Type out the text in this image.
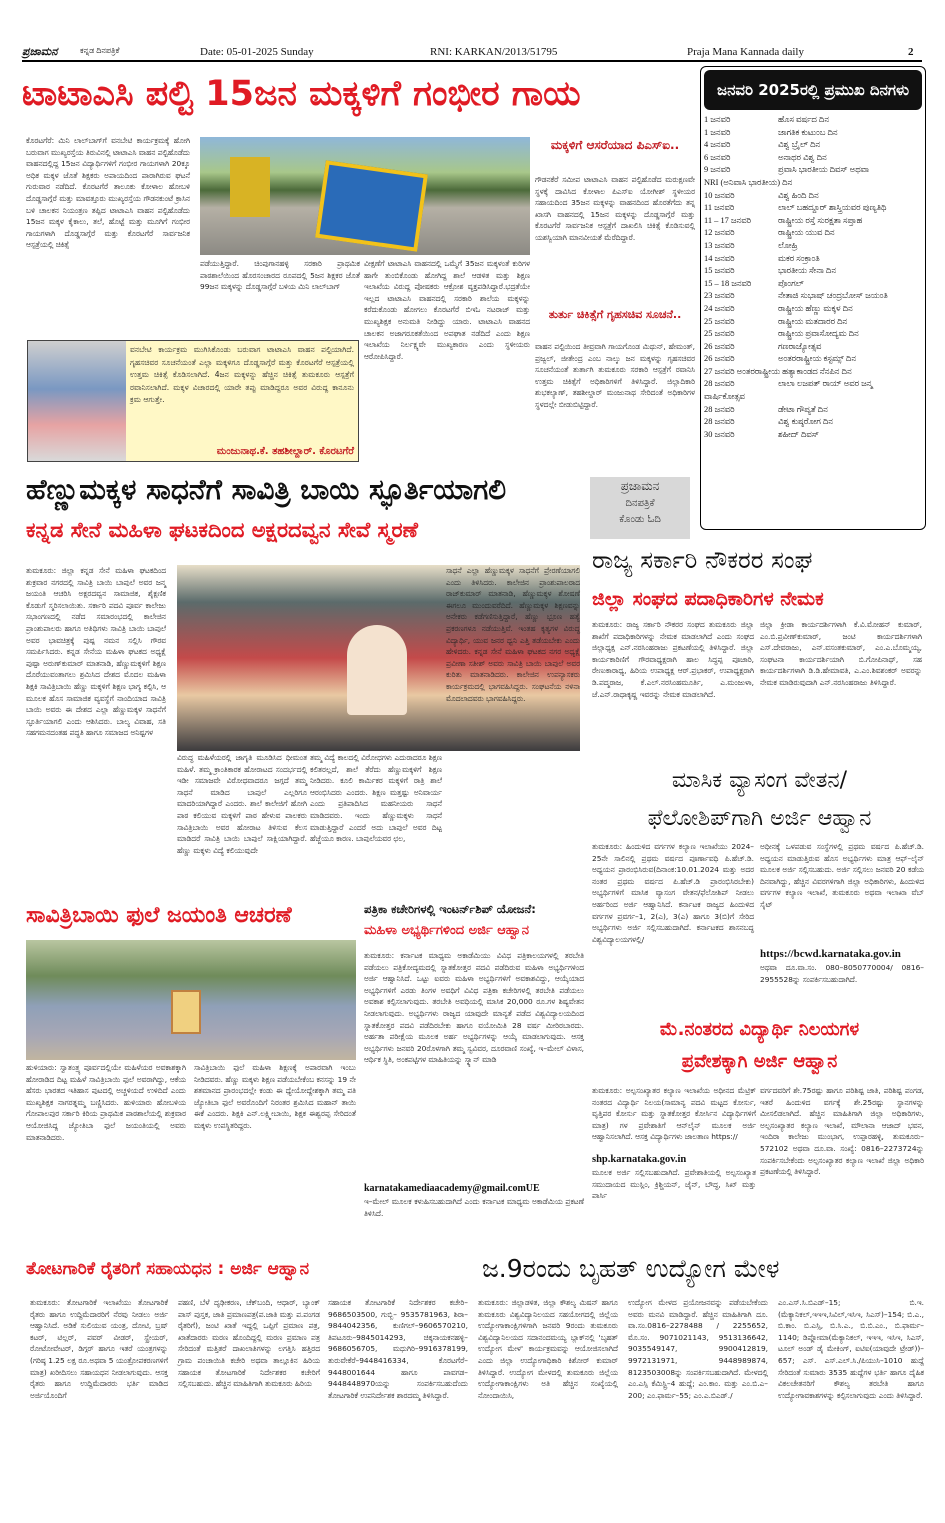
ಪ್ರಜಾಮನ	ಕನ್ನಡ ದಿನಪತ್ರಿಕೆ	Date: 05-01-2025 Sunday	RNI: KARKAN/2013/51795	Praja Mana Kannada daily	2
ಟಾಟಾಎಸಿ ಪಲ್ಟಿ 15ಜನ ಮಕ್ಕಳಿಗೆ ಗಂಭೀರ ಗಾಯ
ಕೊರಟಗೆರೆ: ಮಿನಿ ಲಾಲ್‌ಬಾಗ್‌ಗೆ ವನಬೇಟಿ ಕಾರ್ಯಕ್ರಮಕ್ಕೆ ಹೋಗಿ ಬರುವಾಗ ಮುಖ್ಯರಸ್ತೆಯ ತಿರುವಿನಲ್ಲಿ ಟಾಟಾಎಸಿ ವಾಹನ ಪಲ್ಟಿಹೊಡೆದು ವಾಹನದಲ್ಲಿದ್ದ 15ಜನ ವಿದ್ಯಾರ್ಥಿಗಳಿಗೆ ಗಂಭೀರ ಗಾಯಗಳಾಗಿ 20ಕ್ಕೂ ಅಧಿಕ ಮಕ್ಕಳ ಜೊತೆ ಶಿಕ್ಷಕರು ಅಪಾಯದಿಂದ ಪಾರಾಗಿರುವ ಘಟನೆ ಗುರುವಾರ ನಡೆದಿದೆ. ಕೊರಟಗೆರೆ ತಾಲೂಕು ಕೋಳಾಲ ಹೋಬಳಿ ದೊಡ್ಡಸಾಗ್ಗೆರೆ ಮತ್ತು ಮಾವತ್ತೂರು ಮುಖ್ಯರಸ್ತೆಯ ಗೌಡನಕುಂಟೆ ಕ್ರಾಸಿನ ಬಳಿ ಚಾಲಕನ ನಿಯಂತ್ರಣ ತಪ್ಪಿದ ಟಾಟಾಎಸಿ ವಾಹನ ಪಲ್ಟಿಹೊಡೆದು 15ಜನ ಮಕ್ಕಳ ಕೈಕಾಲು, ತಲೆ, ಹೊಟ್ಟೆ ಮತ್ತು ಮೂಗಿಗೆ ಗಂಭೀರ ಗಾಯಗಳಾಗಿ ದೊಡ್ಡಸಾಗ್ಗೆರೆ ಮತ್ತು ಕೊರಟಗೆರೆ ಸಾರ್ವಜನಿಕ ಆಸ್ಪತ್ರೆಯಲ್ಲಿ ಚಿಕಿತ್ಸೆ
ಪಡೆಯುತ್ತಿದ್ದಾರೆ. ಚಿಂಪುಗಾನಹಳ್ಳಿ ಸರಕಾರಿ ಪ್ರಾಥಮಿಕ ಪಾಠಶಾಲೆಯಿಂದ ಹೊರಸಂಚಾರದ ರೂಪದಲ್ಲಿ 5ಜನ ಶಿಕ್ಷಕರ ಜೊತೆ 99ಜನ ಮಕ್ಕಳನ್ನು ದೊಡ್ಡಸಾಗ್ಗೆರೆ ಬಳಿಯ ಮಿನಿ ಲಾಲ್‌ಬಾಗ್
ವೀಕ್ಷಣೆಗೆ ಟಾಟಾಎಸಿ ವಾಹನದಲ್ಲಿ ಒಮ್ಮೆಗೆ 35ಜನ ಮಕ್ಕಳಂತೆ ಕುರಿಗಳ ಹಾಗೇ ತುಂಬಿಕೊಂಡು ಹೋಗಿದ್ದ ಶಾಲೆ ಆಡಳಿತ ಮತ್ತು ಶಿಕ್ಷಣ ಇಲಾಖೆಯ ವಿರುದ್ದ ಪೋಷಕರು ಆಕ್ರೋಶ ವ್ಯಕ್ತಪಡಿಸಿದ್ದಾರೆ.ಭದ್ರತೆಯೇ ಇಲ್ಲದ ಟಾಟಾಎಸಿ ವಾಹನದಲ್ಲಿ ಸರಕಾರಿ ಶಾಲೆಯ ಮಕ್ಕಳನ್ನು ಕರೆದುಕೊಂಡು ಹೋಗಲು ಕೊರಟಗೆರೆ ಬಿಇಓ ನಟರಾಜ್ ಮತ್ತು ಮುಖ್ಯಶಿಕ್ಷಕ ಅನುಮತಿ ನೀಡಿದ್ದು ಯಾರು. ಟಾಟಾಎಸಿ ವಾಹನದ ಚಾಲಕನ ಅಜಾಗರೂಕತೆಯಿಂದ ಅಪಘಾತ ನಡೆದಿದೆ ಎಂದು ಶಿಕ್ಷಣ ಇಲಾಖೆಯ ನಿರ್ಲಕ್ಷ್ಯವೇ ಮುಖ್ಯಕಾರಣ ಎಂದು ಸ್ಥಳೀಯರು ಆರೋಪಿಸಿದ್ದಾರೆ.
ಮಕ್ಕಳಿಗೆ ಆಸರೆಯಾದ ಪಿಎಸ್ಐ..
ಗೌಡನಕೆರೆ ಸಮೀಪ ಟಾಟಾಎಸಿ ವಾಹನ ಪಲ್ಟಿಹೊಡೆದ ಮರುಕ್ಷಣವೇ ಸ್ಥಳಕ್ಕೆ ದಾವಿಸಿದ ಕೋಳಾಲ ಪಿಎಸ್ಐ ಯೋಗೀಶ್ ಸ್ಥಳೀಯರ ಸಹಾಯದಿಂದ 35ಜನ ಮಕ್ಕಳನ್ನು ವಾಹನದಿಂದ ಹೊರತೆಗೆದು ತನ್ನ ಖಾಸಗಿ ವಾಹನದಲ್ಲಿ 15ಜನ ಮಕ್ಕಳನ್ನು ದೊಡ್ಡಸಾಗ್ಗೆರೆ ಮತ್ತು ಕೊರಟಗೆರೆ ಸಾರ್ವಜನಿಕ ಆಸ್ಪತ್ರೆಗೆ ದಾಖಲಿಸಿ ಚಿಕಿತ್ಸೆ ಕೊಡಿಸುವಲ್ಲಿ ಯಶಸ್ವಿಯಾಗಿ ಮಾನವೀಯತೆ ಮೆರೆದಿದ್ದಾರೆ.
ತುರ್ತು ಚಿಕಿತ್ಸೆಗೆ ಗೃಹಸಚಿವ ಸೂಚನೆ..
ವಾಹನ ಪಲ್ಟಿಯಿಂದ ತೀವ್ರವಾಗಿ ಗಾಯಗೊಂಡ ಮಿಥುನ್, ಹೇಮಂತ್, ಪ್ರಜ್ವಲ್, ಜೀತೇಂದ್ರ ಎಂಬ ನಾಲ್ಕು ಜನ ಮಕ್ಕಳನ್ನು ಗೃಹಸಚಿವರ ಸೂಚನೆಯಂತೆ ತುರ್ತಾಗಿ ತುಮಕೂರು ಸರಕಾರಿ ಆಸ್ಪತ್ರೆಗೆ ರವಾನಿಸಿ ಉತ್ತಮ ಚಿಕಿತ್ಸೆಗೆ ಅಧಿಕಾರಿಗಳಿಗೆ ತಿಳಿಸಿದ್ದಾರೆ. ಜಿಲ್ಲಾದಿಕಾರಿ ಶುಭಕಲ್ಯಾಣ್, ತಹಶೀಲ್ದಾರ್ ಮಂಜುನಾಥ ಸೇರಿದಂತೆ ಅಧಿಕಾರಿಗಳ ಸ್ಥಳದಲ್ಲೇ ಬೀಡುಬಿಟ್ಟಿದ್ದಾರೆ.
ವನಬೇಟಿ ಕಾರ್ಯಕ್ರಮ ಮುಗಿಸಿಕೊಂಡು ಬರುವಾಗ ಟಾಟಾಎಸಿ ವಾಹನ ಪಲ್ಟಿಯಾಗಿದೆ. ಗೃಹಸಚಿವರ ಸೂಚನೆಯಂತೆ ಎಲ್ಲಾ ಮಕ್ಕಳಿಗೂ ದೊಡ್ಡಸಾಗ್ಗೆರೆ ಮತ್ತು ಕೊರಟಗೆರೆ ಆಸ್ಪತ್ರೆಯಲ್ಲಿ ಉತ್ತಮ ಚಿಕಿತ್ಸೆ ಕೊಡಿಸಲಾಗಿದೆ. 4ಜನ ಮಕ್ಕಳನ್ನು ಹೆಚ್ಚಿನ ಚಿಕಿತ್ಸೆ ತುಮಕೂರು ಆಸ್ಪತ್ರೆಗೆ ರವಾನಿಸಲಾಗಿದೆ. ಮಕ್ಕಳ ವಿಚಾರದಲ್ಲಿ ಯಾರೇ ತಪ್ಪು ಮಾಡಿದ್ದರೂ ಅವರ ವಿರುದ್ದ ಕಾನೂನು ಕ್ರಮ ಆಗುತ್ತೇ.
ಮಂಜುನಾಥ.ಕೆ. ತಹಶೀಲ್ದಾರ್. ಕೊರಟಗೆರೆ
ಜನವರಿ 2025ರಲ್ಲಿ ಪ್ರಮುಖ ದಿನಗಳು
1 ಜನವರಿ	ಹೊಸ ವರ್ಷದ ದಿನ
1 ಜನವರಿ	ಜಾಗತಿಕ ಕುಟುಂಬ ದಿನ
4 ಜನವರಿ	ವಿಶ್ವ ಬ್ರೈಲ್ ದಿನ
6 ಜನವರಿ	ಅನಾಥರ ವಿಶ್ವ ದಿನ
9 ಜನವರಿ	ಪ್ರವಾಸಿ ಭಾರತೀಯ ದಿವಸ್ ಅಥವಾ
NRI (ಅನಿವಾಸಿ ಭಾರತೀಯ) ದಿನ
10 ಜನವರಿ	ವಿಶ್ವ ಹಿಂದಿ ದಿನ
11 ಜನವರಿ	ಲಾಲ್ ಬಹದ್ದೂರ್ ಶಾಸ್ತ್ರಿಯವರ ಪುಣ್ಯತಿಥಿ
11 – 17 ಜನವರಿ	ರಾಷ್ಟ್ರೀಯ ರಸ್ತೆ ಸುರಕ್ಷತಾ ಸಪ್ತಾಹ
12 ಜನವರಿ	ರಾಷ್ಟ್ರೀಯ ಯುವ ದಿನ
13 ಜನವರಿ	ಲೋಹ್ರಿ
14 ಜನವರಿ	ಮಕರ ಸಂಕ್ರಾಂತಿ
15 ಜನವರಿ	ಭಾರತೀಯ ಸೇನಾ ದಿನ
15 – 18 ಜನವರಿ	ಪೊಂಗಲ್
23 ಜನವರಿ	ನೇತಾಜಿ ಸುಭಾಷ್ ಚಂದ್ರಬೋಸ್ ಜಯಂತಿ
24 ಜನವರಿ	ರಾಷ್ಟ್ರೀಯ ಹೆಣ್ಣು ಮಕ್ಕಳ ದಿನ
25 ಜನವರಿ	ರಾಷ್ಟ್ರೀಯ ಮತದಾರರ ದಿನ
25 ಜನವರಿ	ರಾಷ್ಟ್ರೀಯ ಪ್ರವಾಸೋದ್ಯಮ ದಿನ
26 ಜನವರಿ	ಗಣರಾಜ್ಯೋತ್ಸವ
26 ಜನವರಿ	ಅಂತರರಾಷ್ಟ್ರೀಯ ಕಸ್ಟಮ್ಸ್ ದಿನ
27 ಜನವರಿ ಅಂತರರಾಷ್ಟ್ರೀಯ ಹತ್ಯಾಕಾಂಡದ ನೆನಪಿನ ದಿನ
28 ಜನವರಿ	ಲಾಲಾ ಲಜಪತ್ ರಾಯ್ ಅವರ ಜನ್ಮ
ವಾರ್ಷಿಕೋತ್ಸವ
28 ಜನವರಿ	ಡೇಟಾ ಗೌಪ್ಯತೆ ದಿನ
28 ಜನವರಿ	ವಿಶ್ವ ಕುಷ್ಠರೋಗ ದಿನ
30 ಜನವರಿ	ಶಹೀದ್ ದಿವಸ್
ಪ್ರಜಾಮನ
ದಿನಪತ್ರಿಕೆ
ಕೊಂಡು ಓದಿ
ಹೆಣ್ಣುಮಕ್ಕಳ ಸಾಧನೆಗೆ ಸಾವಿತ್ರಿ ಬಾಯಿ ಸ್ಫೂರ್ತಿಯಾಗಲಿ
ಕನ್ನಡ ಸೇನೆ ಮಹಿಳಾ ಘಟಕದಿಂದ ಅಕ್ಷರದವ್ವನ ಸೇವೆ ಸ್ಮರಣೆ
ತುಮಕೂರು: ಜಿಲ್ಲಾ ಕನ್ನಡ ಸೇನೆ ಮಹಿಳಾ ಘಟಕದಿಂದ ಶುಕ್ರವಾರ ನಗರದಲ್ಲಿ ಸಾವಿತ್ರಿ ಬಾಯಿ ಬಾಪುಲೆ ಅವರ ಜನ್ಮ ಜಯಂತಿ ಆಚರಿಸಿ ಅಕ್ಷರದವ್ವನ ಸಾಮಾಜಿಕ, ಶೈಕ್ಷಣಿಕ ಕೊಡುಗೆ ಸ್ಮರಿಸಲಾಯಿತು. ಸರ್ಕಾರಿ ಪದವಿ ಪೂರ್ವ ಕಾಲೇಜು ಸಭಾಂಗಣದಲ್ಲಿ ನಡೆದ ಸಮಾರಂಭದಲ್ಲಿ ಕಾಲೇಜಿನ ಪ್ರಾಂಶುಪಾಲರು ಹಾಗೂ ಅತಿಥಿಗಳು ಸಾವಿತ್ರಿ ಬಾಯಿ ಬಾಪುಲೆ ಅವರ ಭಾವಚಿತ್ರಕ್ಕೆ ಪುಷ್ಪ ನಮನ ಸಲ್ಲಿಸಿ ಗೌರವ ಸಮರ್ಪಿಸಿದರು. ಕನ್ನಡ ಸೇನೆಯ ಮಹಿಳಾ ಘಟಕದ ಅಧ್ಯಕ್ಷೆ ಪುಷ್ಪಾ ಅರುಣ್‌ಕುಮಾರ್ ಮಾತನಾಡಿ, ಹೆಣ್ಣುಮಕ್ಕಳಿಗೆ ಶಿಕ್ಷಣ ದೊರೆಯುವಂತಾಗಲು ಶ್ರಮಿಸಿದ ದೇಶದ ಮೊದಲ ಮಹಿಳಾ ಶಿಕ್ಷಕಿ ಸಾವಿತ್ರಿಬಾಯಿ ಹೆಣ್ಣು ಮಕ್ಕಳಿಗೆ ಶಿಕ್ಷಣ ಭಾಗ್ಯ ಕಲ್ಪಿಸಿ, ಆ ಮೂಲಕ ಹೊಸ ಸಾಮಾಜಿಕ ವ್ಯವಸ್ಥೆಗೆ ನಾಂದಿಯಾದ ಸಾವಿತ್ರಿ ಬಾಯಿ ಅವರು ಈ ದೇಶದ ಎಲ್ಲಾ ಹೆಣ್ಣುಮಕ್ಕಳ ಸಾಧನೆಗೆ ಸ್ಫೂರ್ತಿಯಾಗಲಿ ಎಂದು ಆಶಿಸಿದರು. ಬಾಲ್ಯ ವಿವಾಹ, ಸತಿ ಸಹಗಮನದಂತಹ ಪದ್ಧತಿ ಹಾಗೂ ಸಮಾಜದ ಅನಿಷ್ಟಗಳ
ವಿರುದ್ಧ ಮಹಿಳೆಯರಲ್ಲಿ ಜಾಗೃತಿ ಮೂಡಿಸಿದ ಧೀಮಂತ ಮಹಿಳೆ. ತಮ್ಮ ಕ್ರಾಂತಿಕಾರಕ ಹೋರಾಟದ ಸಂದರ್ಭದಲ್ಲಿ ಇಡೀ ಸಮಾಜವೇ ವಿರೋಧವಾದರೂ ಜಗ್ಗದೆ ತಮ್ಮ ಸಾಧನೆ ಮಾಡಿದ ಬಾಪುಲೆ ಎಲ್ಲರಿಗೂ ಮಾದರಿಯಾಗಿದ್ದಾರೆ ಎಂದರು. ಶಾಲೆ ಕಾಲೇಜಿಗೆ ಹೋಗಿ ಪಾಠ ಕಲಿಯುವ ಮಕ್ಕಳಿಗೆ ಪಾಠ ಹೇಳುವ ಪಾಲಕರು ಸಾವಿತ್ರಿಬಾಯಿ ಅವರ ಹೋರಾಟ ತಿಳಿಸುವ ಕೆಲಸ ಮಾಡಿದರೆ ಸಾವಿತ್ರಿ ಬಾಯಿ ಬಾಪುಲೆ ಸಾಕ್ಷಿಯಾಗಿದ್ದಾರೆ. ಹೆಣ್ಣು ಮಕ್ಕಳು ವಿದ್ಯೆ ಕಲಿಯುವುದೇ
ತಮ್ಮ ವಿದ್ಯೆ ಕಾಲದಲ್ಲಿ ವಿರೋಧಗಳು ಎದುರಾದರೂ ಶಿಕ್ಷಣ ಕಲಿತರಲ್ಲದೆ, ಶಾಲೆ ತೆರೆದು ಹೆಣ್ಣುಮಕ್ಕಳಿಗೆ ಶಿಕ್ಷಣ ನೀಡಿದರು. ಕೂಲಿ ಕಾರ್ಮಿಕರ ಮಕ್ಕಳಿಗೆ ರಾತ್ರಿ ಶಾಲೆ ಆರಂಭಿಸಿದರು ಎಂದರು. ಶಿಕ್ಷಣ ಮತ್ತಷ್ಟು ಅನಿವಾರ್ಯ ಎಂದು ಪ್ರತಿಪಾದಿಸಿದ ಮಹನೀಯರು ಸಾಧನೆ ಮಾಡಿದವರು. ಇಂದು ಹೆಣ್ಣುಮಕ್ಕಳು ಸಾಧನೆ ಮಾಡುತ್ತಿದ್ದಾರೆ ಎಂದರೆ ಅದು ಬಾಪುಲೆ ಅವರ ದಿಟ್ಟ ಹೆಜ್ಜೆಯೂ ಕಾರಣ. ಬಾಪುಲೆಯವರ ಛಲ,
ಸಾಧನೆ ಎಲ್ಲಾ ಹೆಣ್ಣುಮಕ್ಕಳ ಸಾಧನೆಗೆ ಪ್ರೇರಣೆಯಾಗಲಿ ಎಂದು ತಿಳಿಸಿದರು. ಕಾಲೇಜಿನ ಪ್ರಾಂಶುಪಾಲರಾದ ರಾಜ್‌ಕುಮಾರ್ ಮಾತನಾಡಿ, ಹೆಣ್ಣುಮಕ್ಕಳ ಶೋಷಣೆ ಈಗಲೂ ಮುಂದುವರೆದಿದೆ. ಹೆಣ್ಣುಮಕ್ಕಳ ಶಿಕ್ಷಣವನ್ನು ಅನೇಕರು ಕಡೆಗಣಿಸುತ್ತಿದ್ದಾರೆ, ಹೆಣ್ಣು ಭ್ರೂಣ ಹತ್ಯೆ ಪ್ರಕರಣಗಳೂ ನಡೆಯುತ್ತಿವೆ. ಇಂತಹ ಕೃತ್ಯಗಳ ವಿರುದ್ಧ ವಿದ್ಯಾರ್ಥಿ, ಯುವ ಜನರ ಧ್ವನಿ ಎತ್ತಿ ತಡೆಯಬೇಕು ಎಂದು ಹೇಳಿದರು. ಕನ್ನಡ ಸೇನೆ ಮಹಿಳಾ ಘಟಕದ ನಗರ ಅಧ್ಯಕ್ಷೆ ಪ್ರವೀಣಾ ಸತೀಶ್ ಅವರು ಸಾವಿತ್ರಿ ಬಾಯಿ ಬಾಪುಲೆ ಅವರ ಕುರಿತು ಮಾತನಾಡಿದರು. ಕಾಲೇಜಿನ ಉಪನ್ಯಾಸಕರು ಕಾರ್ಯಕ್ರಮದಲ್ಲಿ ಭಾಗವಹಿಸಿದ್ದರು. ಸಂಘಟನೆಯ ನಳಿನಾ ಮೊದಲಾದವರು ಭಾಗವಹಿಸಿದ್ದರು.
ರಾಜ್ಯ ಸರ್ಕಾರಿ ನೌಕರರ ಸಂಘ
ಜಿಲ್ಲಾ ಸಂಘದ ಪದಾಧಿಕಾರಿಗಳ ನೇಮಕ
ತುಮಕೂರು: ರಾಜ್ಯ ಸರ್ಕಾರಿ ನೌಕರರ ಸಂಘದ ತುಮಕೂರು ಜಿಲ್ಲಾ ಶಾಖೆಗೆ ಪದಾಧಿಕಾರಿಗಳನ್ನು ನೇಮಕ ಮಾಡಲಾಗಿದೆ ಎಂದು ಸಂಘದ ಜಿಲ್ಲಾಧ್ಯಕ್ಷ ಎನ್.ನರಸಿಂಹರಾಜು ಪ್ರಕಟಣೆಯಲ್ಲಿ ತಿಳಿಸಿದ್ದಾರೆ. ಜಿಲ್ಲಾ ಕಾರ್ಯಕಾರಿಣಿಗೆ ಗೌರವಾಧ್ಯಕ್ಷರಾಗಿ ಹಾಲ ಸಿದ್ಧಪ್ಪ ಪೂಜಾರಿ, ರೇಣುಕಾರಾಧ್ಯ, ಹಿರಿಯ ಉಪಾಧ್ಯಕ್ಷ ಆರ್.ಪ್ರಭಾಕರ್, ಉಪಾಧ್ಯಕ್ಷರಾಗಿ ಡಿ.ಪದ್ಮರಾಜ, ಕೆ.ಎಲ್.ನರಸಿಂಹಮೂರ್ತಿ, ಎ.ಮಂಜುಳಾ, ಜೆ.ಎನ್.ರಾಧಾಕೃಷ್ಣ ಇವರನ್ನು ನೇಮಕ ಮಾಡಲಾಗಿದೆ.
ಜಿಲ್ಲಾ ಕ್ರೀಡಾ ಕಾರ್ಯದರ್ಶಿಗಳಾಗಿ ಕೆ.ವಿ.ಮೋಹನ್ ಕುಮಾರ್, ಎಂ.ಬಿ.ಪ್ರವೀಣ್‌ಕುಮಾರ್, ಜಂಟಿ ಕಾರ್ಯದರ್ಶಿಗಳಾಗಿ ಎಸ್.ದೇವರಾಜು, ಎನ್.ವಸಂತಕುಮಾರ್, ಎಂ.ಎ.ಬೊಮ್ಮಯ್ಯ, ಸಂಘಟನಾ ಕಾರ್ಯದರ್ಶಿಯಾಗಿ ಬಿ.ಗೋಪಿನಾಥ್, ಸಹ ಕಾರ್ಯದರ್ಶಿಗಳಾಗಿ ಡಿ.ಡಿ.ಹೇಮಾವತಿ, ಎ.ಎಂ.ಶಿವಶಂಕರ್ ಅವರನ್ನು ನೇಮಕ ಮಾಡಿರುವುದಾಗಿ ಎನ್.ನರಸಿಂಹರಾಜು ತಿಳಿಸಿದ್ದಾರೆ.
ಮಾಸಿಕ ವ್ಯಾಸಂಗ ವೇತನ/
ಫೆಲೋಶಿಪ್‌ಗಾಗಿ ಅರ್ಜಿ ಆಹ್ವಾನ
ತುಮಕೂರು: ಹಿಂದುಳಿದ ವರ್ಗಗಳ ಕಲ್ಯಾಣ ಇಲಾಖೆಯು 2024–25ನೇ ಸಾಲಿನಲ್ಲಿ ಪ್ರಥಮ ವರ್ಷದ ಪೂರ್ಣಾವಧಿ ಪಿ.ಹೆಚ್.ಡಿ. ಅಧ್ಯಯನ ಪ್ರಾರಂಭಿಸಿರುವ(ದಿನಾಂಕ:10.01.2024 ಮತ್ತು ಅದರ ನಂತರ ಪ್ರಥಮ ವರ್ಷದ ಪಿ.ಹೆಚ್.ಡಿ ಪ್ರಾರಂಭಿಸಿರಬೇಕು) ಅಭ್ಯರ್ಥಿಗಳಿಗೆ ಮಾಸಿಕ ವ್ಯಾಸಂಗ ವೇತನ/ಫೆಲೋಶಿಪ್ ನೀಡಲು ಅರ್ಹರಿಂದ ಅರ್ಜಿ ಆಹ್ವಾನಿಸಿದೆ. ಕರ್ನಾಟಕ ರಾಜ್ಯದ ಹಿಂದುಳಿದ ವರ್ಗಗಳ ಪ್ರವರ್ಗ–1, 2(ಎ), 3(ಎ) ಹಾಗೂ 3(ಬಿ)ಗೆ ಸೇರಿದ ಅಭ್ಯರ್ಥಿಗಳು ಅರ್ಜಿ ಸಲ್ಲಿಸಬಹುದಾಗಿದೆ. ಕರ್ನಾಟಕದ ಶಾಸನಬದ್ಧ ವಿಶ್ವವಿದ್ಯಾಲಯಗಳಲ್ಲಿ/
ಅಧೀನಕ್ಕೆ ಒಳಪಡುವ ಸಂಸ್ಥೆಗಳಲ್ಲಿ ಪ್ರಥಮ ವರ್ಷದ ಪಿ.ಹೆಚ್.ಡಿ. ಅಧ್ಯಯನ ಮಾಡುತ್ತಿರುವ ಹೊಸ ಅಭ್ಯರ್ಥಿಗಳು ಮಾತ್ರ ಆಫ್–ಲೈನ್ ಮೂಲಕ ಅರ್ಜಿ ಸಲ್ಲಿಸಬಹುದು. ಅರ್ಜಿ ಸಲ್ಲಿಸಲು ಜನವರಿ 20 ಕಡೆಯ ದಿನವಾಗಿದ್ದು, ಹೆಚ್ಚಿನ ವಿವರಗಳಿಗಾಗಿ ಜಿಲ್ಲಾ ಅಧಿಕಾರಿಗಳು, ಹಿಂದುಳಿದ ವರ್ಗಗಳ ಕಲ್ಯಾಣ ಇಲಾಖೆ, ತುಮಕೂರು ಅಥವಾ ಇಲಾಖಾ ವೆಬ್ ಸೈಟ್
https://bcwd.karnataka.gov.in
ಅಥವಾ ದೂ.ವಾ.ಸಂ. 080–8050770004/ 0816–2955528ನ್ನು ಸಂಪರ್ಕಿಸಬಹುದಾಗಿದೆ.
ಮೆ.ನಂತರದ ವಿದ್ಯಾರ್ಥಿ ನಿಲಯಗಳ
ಪ್ರವೇಶಕ್ಕಾಗಿ ಅರ್ಜಿ ಆಹ್ವಾನ
ತುಮಕೂರು: ಅಲ್ಪಸಂಖ್ಯಾತರ ಕಲ್ಯಾಣ ಇಲಾಖೆಯ ಅಧೀನದ ಮೆಟ್ರಿಕ್ ನಂತರದ ವಿದ್ಯಾರ್ಥಿ ನಿಲಯ(ಸಾಮಾನ್ಯ ಪದವಿ ಮಟ್ಟದ ಕೋರ್ಸು, ವೃತ್ತಿಪರ ಕೋರ್ಸು ಮತ್ತು ಸ್ನಾತಕೋತ್ತರ ಕೋರ್ಸಿನ ವಿದ್ಯಾರ್ಥಿಗಳಿಗೆ ಮಾತ್ರ) ಗಳ ಪ್ರವೇಶಾತಿಗೆ ಆನ್‌ಲೈನ್ ಮೂಲಕ ಅರ್ಜಿ ಆಹ್ವಾನಿಸಲಾಗಿದೆ. ಆಸಕ್ತ ವಿದ್ಯಾರ್ಥಿಗಳು ಜಾಲತಾಣ https://
shp.karnataka.gov.in
ಮೂಲಕ ಅರ್ಜಿ ಸಲ್ಲಿಸಬಹುದಾಗಿದೆ. ಪ್ರವೇಶಾತಿಯಲ್ಲಿ ಅಲ್ಪಸಂಖ್ಯಾತ ಸಮುದಾಯದ ಮುಸ್ಲಿಂ, ಕ್ರಿಶ್ಚಿಯನ್, ಜೈನ್, ಬೌದ್ಧ, ಸಿಖ್ ಮತ್ತು ಪಾರ್ಸಿ
ವರ್ಗದವರಿಗೆ ಶೇ.75ರಷ್ಟು ಹಾಗೂ ಪರಿಶಿಷ್ಟ ಜಾತಿ, ಪರಿಶಿಷ್ಟ ಪಂಗಡ, ಇತರೆ ಹಿಂದುಳಿದ ವರ್ಗಕ್ಕೆ ಶೇ.25ರಷ್ಟು ಸ್ಥಾನಗಳನ್ನು ಮೀಸಲಿಡಲಾಗಿದೆ. ಹೆಚ್ಚಿನ ಮಾಹಿತಿಗಾಗಿ ಜಿಲ್ಲಾ ಅಧಿಕಾರಿಗಳು, ಅಲ್ಪಸಂಖ್ಯಾತರ ಕಲ್ಯಾಣ ಇಲಾಖೆ, ಮೌಲಾನಾ ಆಜಾದ್ ಭವನ, ಇಂದಿರಾ ಕಾಲೇಜು ಮುಂಭಾಗ, ಉಪ್ಪಾರಹಳ್ಳಿ, ತುಮಕೂರು–572102 ಅಥವಾ ದೂ.ವಾ. ಸಂಖ್ಯೆ: 0816–2273724ನ್ನು ಸಂಪರ್ಕಿಸಬೇಕೆಂದು ಅಲ್ಪಸಂಖ್ಯಾತರ ಕಲ್ಯಾಣ ಇಲಾಖೆ ಜಿಲ್ಲಾ ಅಧಿಕಾರಿ ಪ್ರಕಟಣೆಯಲ್ಲಿ ತಿಳಿಸಿದ್ದಾರೆ.
ಸಾವಿತ್ರಿಬಾಯಿ ಫುಲೆ ಜಯಂತಿ ಆಚರಣೆ
ಹುಳಿಯಾರು: ಸ್ವಾತಂತ್ರ್ಯ ಪೂರ್ವದಲ್ಲಿಯೇ ಮಹಿಳೆಯರ ಅವಕಾಶಕ್ಕಾಗಿ ಹೋರಾಡಿದ ದಿಟ್ಟ ಮಹಿಳೆ ಸಾವಿತ್ರಿಬಾಯಿ ಫುಲೆ ಅವರಾಗಿದ್ದು, ಆಕೆಯ ಹೆಸರು ಭಾರತದ ಇತಿಹಾಸ ಪುಟದಲ್ಲಿ ಅಚ್ಚಳಿಯದೆ ಉಳಿದಿದೆ ಎಂದು ಮುಖ್ಯಶಿಕ್ಷಕ ನಾಗರತ್ನಮ್ಮ ಬಣ್ಣಿಸಿದರು. ಹುಳಿಯಾರು ಹೋಬಳಿಯ ಗೋಪಾಲಪುರ ಸರ್ಕಾರಿ ಕಿರಿಯ ಪ್ರಾಥಮಿಕ ಪಾಠಶಾಲೆಯಲ್ಲಿ ಶುಕ್ರವಾರ ಆಯೋಜಿಸಿದ್ದ ಜ್ಯೋತಿಬಾ ಫುಲೆ ಜಯಂತಿಯಲ್ಲಿ ಅವರು ಮಾತನಾಡಿದರು.
ಸಾವಿತ್ರಿಬಾಯಿ ಫುಲೆ ಮಹಿಳಾ ಶಿಕ್ಷಣಕ್ಕೆ ಅಪಾರವಾಗಿ ಇಂಬು ನೀಡಿದವರು. ಹೆಣ್ಣು ಮಕ್ಕಳು ಶಿಕ್ಷಣ ಪಡೆಯಬೇಕೆಂಬ ಕನಸನ್ನು 19 ನೇ ಶತಮಾನದ ಪ್ರಾರಂಭದಲ್ಲೇ ಕಂಡು ಈ ಧ್ಯೇಯೋದ್ದೇಶಕ್ಕಾಗಿ ತಮ್ಮ ಪತಿ ಜ್ಯೋತಿಬಾ ಫುಲೆ ಅವರೊಂದಿಗೆ ನಿರಂತರ ಶ್ರಮಿಸಿದ ಮಹಾನ್ ತಾಯಿ ಈಕೆ ಎಂದರು. ಶಿಕ್ಷಕಿ ಎನ್.ಲಕ್ಷ್ಮೀಬಾಯಿ, ಶಿಕ್ಷಕ ಈಶ್ವರಪ್ಪ ಸೇರಿದಂತೆ ಮಕ್ಕಳು ಉಪಸ್ಥಿತರಿದ್ದರು.
ಪತ್ರಿಕಾ ಕಚೇರಿಗಳಲ್ಲಿ ಇಂಟರ್ನ್‌ಶಿಪ್ ಯೋಜನೆ:
ಮಹಿಳಾ ಅಭ್ಯರ್ಥಿಗಳಿಂದ ಅರ್ಜಿ ಆಹ್ವಾನ
ತುಮಕೂರು: ಕರ್ನಾಟಕ ಮಾಧ್ಯಮ ಅಕಾಡೆಮಿಯು ವಿವಿಧ ಪತ್ರಿಕಾಲಯಗಳಲ್ಲಿ ತರಬೇತಿ ಪಡೆಯಲು ಪತ್ರಿಕೋದ್ಯಮದಲ್ಲಿ ಸ್ನಾತಕೋತ್ತರ ಪದವಿ ಪಡೆದಿರುವ ಮಹಿಳಾ ಅಭ್ಯರ್ಥಿಗಳಿಂದ ಅರ್ಜಿ ಆಹ್ವಾನಿಸಿದೆ. ಒಟ್ಟು ಐವರು ಮಹಿಳಾ ಅಭ್ಯರ್ಥಿಗಳಿಗೆ ಅವಕಾಶವಿದ್ದು, ಆಯ್ಕೆಯಾದ ಅಭ್ಯರ್ಥಿಗಳಿಗೆ ಎರಡು ತಿಂಗಳ ಅವಧಿಗೆ ವಿವಿಧ ಪತ್ರಿಕಾ ಕಚೇರಿಗಳಲ್ಲಿ ತರಬೇತಿ ಪಡೆಯಲು ಅವಕಾಶ ಕಲ್ಪಿಸಲಾಗುವುದು. ತರಬೇತಿ ಅವಧಿಯಲ್ಲಿ ಮಾಸಿಕ 20,000 ರೂ.ಗಳ ಶಿಷ್ಯವೇತನ ನೀಡಲಾಗುವುದು. ಅಭ್ಯರ್ಥಿಗಳು ರಾಜ್ಯದ ಯಾವುದೇ ಮಾನ್ಯತೆ ಪಡೆದ ವಿಶ್ವವಿದ್ಯಾಲಯದಿಂದ ಸ್ನಾತಕೋತ್ತರ ಪದವಿ ಪಡೆದಿರಬೇಕು ಹಾಗೂ ವಯೋಮಿತಿ 28 ವರ್ಷ ಮೀರಿರಬಾರದು. ಅರ್ಹತಾ ಪರೀಕ್ಷೆಯ ಮೂಲಕ ಅರ್ಹ ಅಭ್ಯರ್ಥಿಗಳನ್ನು ಆಯ್ಕೆ ಮಾಡಲಾಗುವುದು. ಆಸಕ್ತ ಅಭ್ಯರ್ಥಿಗಳು ಜನವರಿ 20ರೊಳಗಾಗಿ ತಮ್ಮ ಸ್ವವಿವರ, ದೂರವಾಣಿ ಸಂಖ್ಯೆ, ಇ–ಮೇಲ್ ವಿಳಾಸ, ಆರ್ಥಿಕ ಸ್ಥಿತಿ, ಅಂಕಪಟ್ಟಿಗಳ ಮಾಹಿತಿಯನ್ನು ಸ್ಕ್ಯಾನ್ ಮಾಡಿ
karnatakamediaacademy@gmail.comUE
ಇ–ಮೇಲ್ ಮೂಲಕ ಕಳುಹಿಸಬಹುದಾಗಿದೆ ಎಂದು ಕರ್ನಾಟಕ ಮಾಧ್ಯಮ ಅಕಾಡೆಮಿಯ ಪ್ರಕಟಣೆ ತಿಳಿಸಿದೆ.
ತೋಟಗಾರಿಕೆ ರೈತರಿಗೆ ಸಹಾಯಧನ : ಅರ್ಜಿ ಆಹ್ವಾನ
ತುಮಕೂರು: ತೋಟಗಾರಿಕೆ ಇಲಾಖೆಯು ತೋಟಗಾರಿಕೆ ರೈತರು ಹಾಗೂ ಉದ್ದಿಮೆದಾರರಿಗೆ ನೆರವು ನೀಡಲು ಅರ್ಜಿ ಆಹ್ವಾನಿಸಿದೆ. ಅಡಿಕೆ ಸುಲಿಯುವ ಯಂತ್ರ, ದೋಟಿ, ಬ್ರಷ್ ಕಟರ್, ಟಿಲ್ಲರ್, ಪವರ್ ವೀಡರ್, ಸ್ಪ್ರೇಯರ್, ರೋಟೋವೇಟರ್, ಡಿಗ್ಗರ್ ಹಾಗೂ ಇತರೆ ಯಂತ್ರಗಳನ್ನು (ಗರಿಷ್ಠ 1.25 ಲಕ್ಷ ರೂ.ಅಥವಾ 5 ಯಂತ್ರೋಪಕರಣಗಳಿಗೆ ಮಾತ್ರ) ಖರೀದಿಸಲು ಸಹಾಯಧನ ನೀಡಲಾಗುವುದು. ಆಸಕ್ತ ರೈತರು ಹಾಗೂ ಉದ್ದಿಮೆದಾರರು ಭರ್ತಿ ಮಾಡಿದ ಅರ್ಜಿಯೊಂದಿಗೆ
ಪಹಣಿ, ಬೆಳೆ ದೃಢೀಕರಣ, ಚೆಕ್‌ಬಂದಿ, ಆಧಾರ್, ಬ್ಯಾಂಕ್ ಪಾಸ್ ಪುಸ್ತಕ, ಜಾತಿ ಪ್ರಮಾಣಪತ್ರ(ಪ.ಜಾತಿ ಮತ್ತು ಪ.ಪಂಗಡ ರೈತರಿಗೆ), ಜಂಟಿ ಖಾತೆ ಇದ್ದಲ್ಲಿ ಒಪ್ಪಿಗೆ ಪ್ರಮಾಣ ಪತ್ರ, ಖಾತೆದಾರರು ಮರಣ ಹೊಂದಿದ್ದಲ್ಲಿ ಮರಣ ಪ್ರಮಾಣ ಪತ್ರ ಸೇರಿದಂತೆ ಮತ್ತಿತರೆ ದಾಖಲಾತಿಗಳನ್ನು ಲಗತ್ತಿಸಿ ಹತ್ತಿರದ ಗ್ರಾಮ ಪಂಚಾಯಿತಿ ಕಚೇರಿ ಅಥವಾ ತಾಲ್ಲೂಕಿನ ಹಿರಿಯ ಸಹಾಯಕ ತೋಟಗಾರಿಕೆ ನಿರ್ದೇಶಕರ ಕಚೇರಿಗೆ ಸಲ್ಲಿಸಬಹುದು. ಹೆಚ್ಚಿನ ಮಾಹಿತಿಗಾಗಿ ತುಮಕೂರು ಹಿರಿಯ
ಸಹಾಯಕ ತೋಟಗಾರಿಕೆ ನಿರ್ದೇಶಕರ ಕಚೇರಿ– 9686503500, ಗುಬ್ಬಿ– 9535781963, ಶಿರಾ–9844042356, ಕುಣಿಗಲ್–9606570210, ತಿಪಟೂರು–9845014293, ಚಿಕ್ಕನಾಯಕನಹಳ್ಳಿ–9686056705, ಮಧುಗಿರಿ–9916378199, ತುರುವೇಕೆರೆ–9448416334, ಕೊರಟಗೆರೆ–9448001644 ಹಾಗೂ ಪಾವಗಡ–9448448970ಯನ್ನು ಸಂಪರ್ಕಿಸಬಹುದೆಂದು ತೋಟಗಾರಿಕೆ ಉಪನಿರ್ದೇಶಕ ಶಾರದಮ್ಮ ತಿಳಿಸಿದ್ದಾರೆ.
ಜ.9ರಂದು ಬೃಹತ್ ಉದ್ಯೋಗ ಮೇಳ
ತುಮಕೂರು: ಜಿಲ್ಲಾಡಳಿತ, ಜಿಲ್ಲಾ ಕೌಶಲ್ಯ ಮಿಷನ್ ಹಾಗೂ ತುಮಕೂರು ವಿಶ್ವವಿದ್ಯಾನಿಲಯದ ಸಹಯೋಗದಲ್ಲಿ ಜಿಲ್ಲೆಯ ಉದ್ಯೋಗಾಕಾಂಕ್ಷಿಗಳಿಗಾಗಿ ಜನವರಿ 9ರಂದು ತುಮಕೂರು ವಿಶ್ವವಿದ್ಯಾನಿಲಯದ ಸದಾನಂದಮಯ್ಯ ಬ್ಲಾಕ್‌ನಲ್ಲಿ 'ಬೃಹತ್ ಉದ್ಯೋಗ ಮೇಳ' ಕಾರ್ಯಕ್ರಮವನ್ನು ಆಯೋಜಿಸಲಾಗಿದೆ ಎಂದು ಜಿಲ್ಲಾ ಉದ್ಯೋಗಾಧಿಕಾರಿ ಕಿಶೋರ್ ಕುಮಾರ್ ತಿಳಿಸಿದ್ದಾರೆ. ಉದ್ಯೋಗ ಮೇಳದಲ್ಲಿ ತುಮಕೂರು ಜಿಲ್ಲೆಯ ಉದ್ಯೋಗಾಕಾಂಕ್ಷಿಗಳು ಅತಿ ಹೆಚ್ಚಿನ ಸಂಖ್ಯೆಯಲ್ಲಿ ನೋಂದಾಯಿಸಿ,
ಉದ್ಯೋಗ ಮೇಳದ ಪ್ರಯೋಜನವನ್ನು ಪಡೆಯಬೇಕೆಂದು ಅವರು ಮನವಿ ಮಾಡಿದ್ದಾರೆ. ಹೆಚ್ಚಿನ ಮಾಹಿತಿಗಾಗಿ ದೂ. ವಾ.ಸಂ.0816–2278488 / 2255652, ಮೊ.ಸಂ. 9071021143, 9513136642, 9035549147, 9900412819, 9972131971, 9448989874, 8123503008ನ್ನು ಸಂಪರ್ಕಿಸಬಹುದಾಗಿದೆ. ಮೇಳದಲ್ಲಿ ಎಂ.ಎಸ್ಸಿ ಕೆಮಿಸ್ಟ್ರಿ–4 ಹುದ್ದೆ; ಎಂ.ಕಾಂ. ಮತ್ತು ಎಂ.ಬಿ.ಎ–200; ಎಂ.ಫಾರ್ಮ–55; ಎಂ.ಎ.ಬಿಎಡ್./
ಎಂ.ಎಸ್.ಸಿ.ಬಿಎಡ್–15; ಬಿ.ಇ.(ಮೆಕ್ಯಾನಿಕಲ್,ಇಇಇ,ಸಿವಿಲ್,ಇಸಿಇ, ಸಿಎಸ್)–154; ಬಿ.ಎ., ಬಿ.ಕಾಂ. ಬಿ.ಎಸ್ಸಿ, ಬಿ.ಸಿ.ಎ., ಬಿ.ಬಿ.ಎಂ., ಬಿ.ಫಾರ್ಮ–1140; ಡಿಪ್ಲೋಮಾ(ಮೆಕ್ಯಾನಿಕಲ್, ಇಇಇ, ಇಸಿಇ, ಸಿಎಸ್, ಟೂಲ್ ಅಂಡ್ ಡೈ ಮೇಕಿಂಗ್, ಐಟಿಐ(ಯಾವುದೇ ಟ್ರೇಡ್))–657; ಎಸ್. ಎಸ್.ಎಲ್.ಸಿ./ಪಿಯುಸಿ–1010 ಹುದ್ದೆ ಸೇರಿದಂತೆ ಸುಮಾರು 3535 ಹುದ್ದೆಗಳ ಭರ್ತಿ ಹಾಗೂ ದೈಹಿಕ ವಿಕಲಚೇತನರಿಗೆ ಕೌಶಲ್ಯ ತರಬೇತಿ ಹಾಗೂ ಉದ್ಯೋಗಾವಕಾಶಗಳನ್ನು ಕಲ್ಪಿಸಲಾಗುವುದು ಎಂದು ತಿಳಿಸಿದ್ದಾರೆ.
